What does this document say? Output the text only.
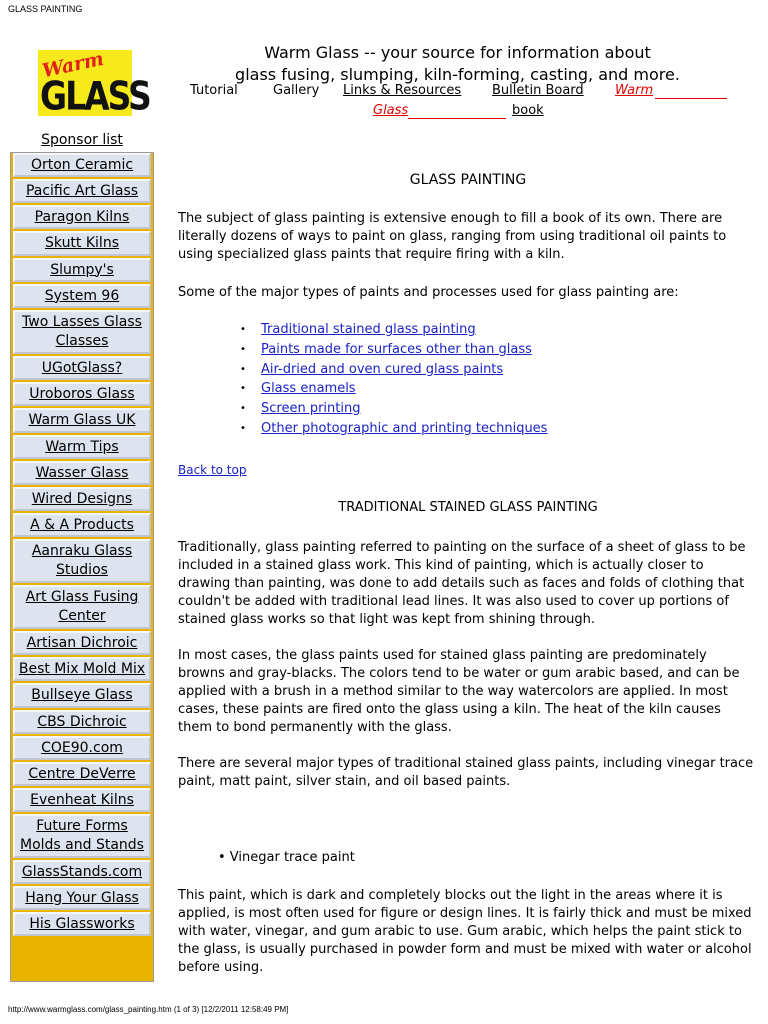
GLASS PAINTING
Warm
GLASS
Warm Glass -- your source for information about
glass fusing, slumping, kiln-forming, casting, and more.
Tutorial	Gallery Links & Resources Bulletin Board Warm
Glass	book
Sponsor list
Orton Ceramic
Pacific Art Glass
Paragon Kilns
Skutt Kilns
Slumpy's
System 96
Two Lasses Glass Classes
UGotGlass?
Uroboros Glass
Warm Glass UK
Warm Tips
Wasser Glass
Wired Designs
A & A Products
Aanraku Glass Studios
Art Glass Fusing Center
Artisan Dichroic
Best Mix Mold Mix
Bullseye Glass
CBS Dichroic
COE90.com
Centre DeVerre
Evenheat Kilns
Future Forms Molds and Stands
GlassStands.com
Hang Your Glass
His Glassworks
GLASS PAINTING

The subject of glass painting is extensive enough to fill a book of its own. There are literally dozens of ways to paint on glass, ranging from using traditional oil paints to using specialized glass paints that require firing with a kiln.

Some of the major types of paints and processes used for glass painting are:

• Traditional stained glass painting
• Paints made for surfaces other than glass
• Air-dried and oven cured glass paints
• Glass enamels
• Screen printing
• Other photographic and printing techniques
Back to top
TRADITIONAL STAINED GLASS PAINTING

Traditionally, glass painting referred to painting on the surface of a sheet of glass to be included in a stained glass work. This kind of painting, which is actually closer to drawing than painting, was done to add details such as faces and folds of clothing that couldn't be added with traditional lead lines. It was also used to cover up portions of stained glass works so that light was kept from shining through.

In most cases, the glass paints used for stained glass painting are predominately browns and gray-blacks. The colors tend to be water or gum arabic based, and can be applied with a brush in a method similar to the way watercolors are applied. In most cases, these paints are fired onto the glass using a kiln. The heat of the kiln causes them to bond permanently with the glass.

There are several major types of traditional stained glass paints, including vinegar trace paint, matt paint, silver stain, and oil based paints.

• Vinegar trace paint

This paint, which is dark and completely blocks out the light in the areas where it is applied, is most often used for figure or design lines. It is fairly thick and must be mixed with water, vinegar, and gum arabic to use. Gum arabic, which helps the paint stick to the glass, is usually purchased in powder form and must be mixed with water or alcohol before using.

http://www.warmglass.com/glass_painting.htm (1 of 3) [12/2/2011 12:58:49 PM]
